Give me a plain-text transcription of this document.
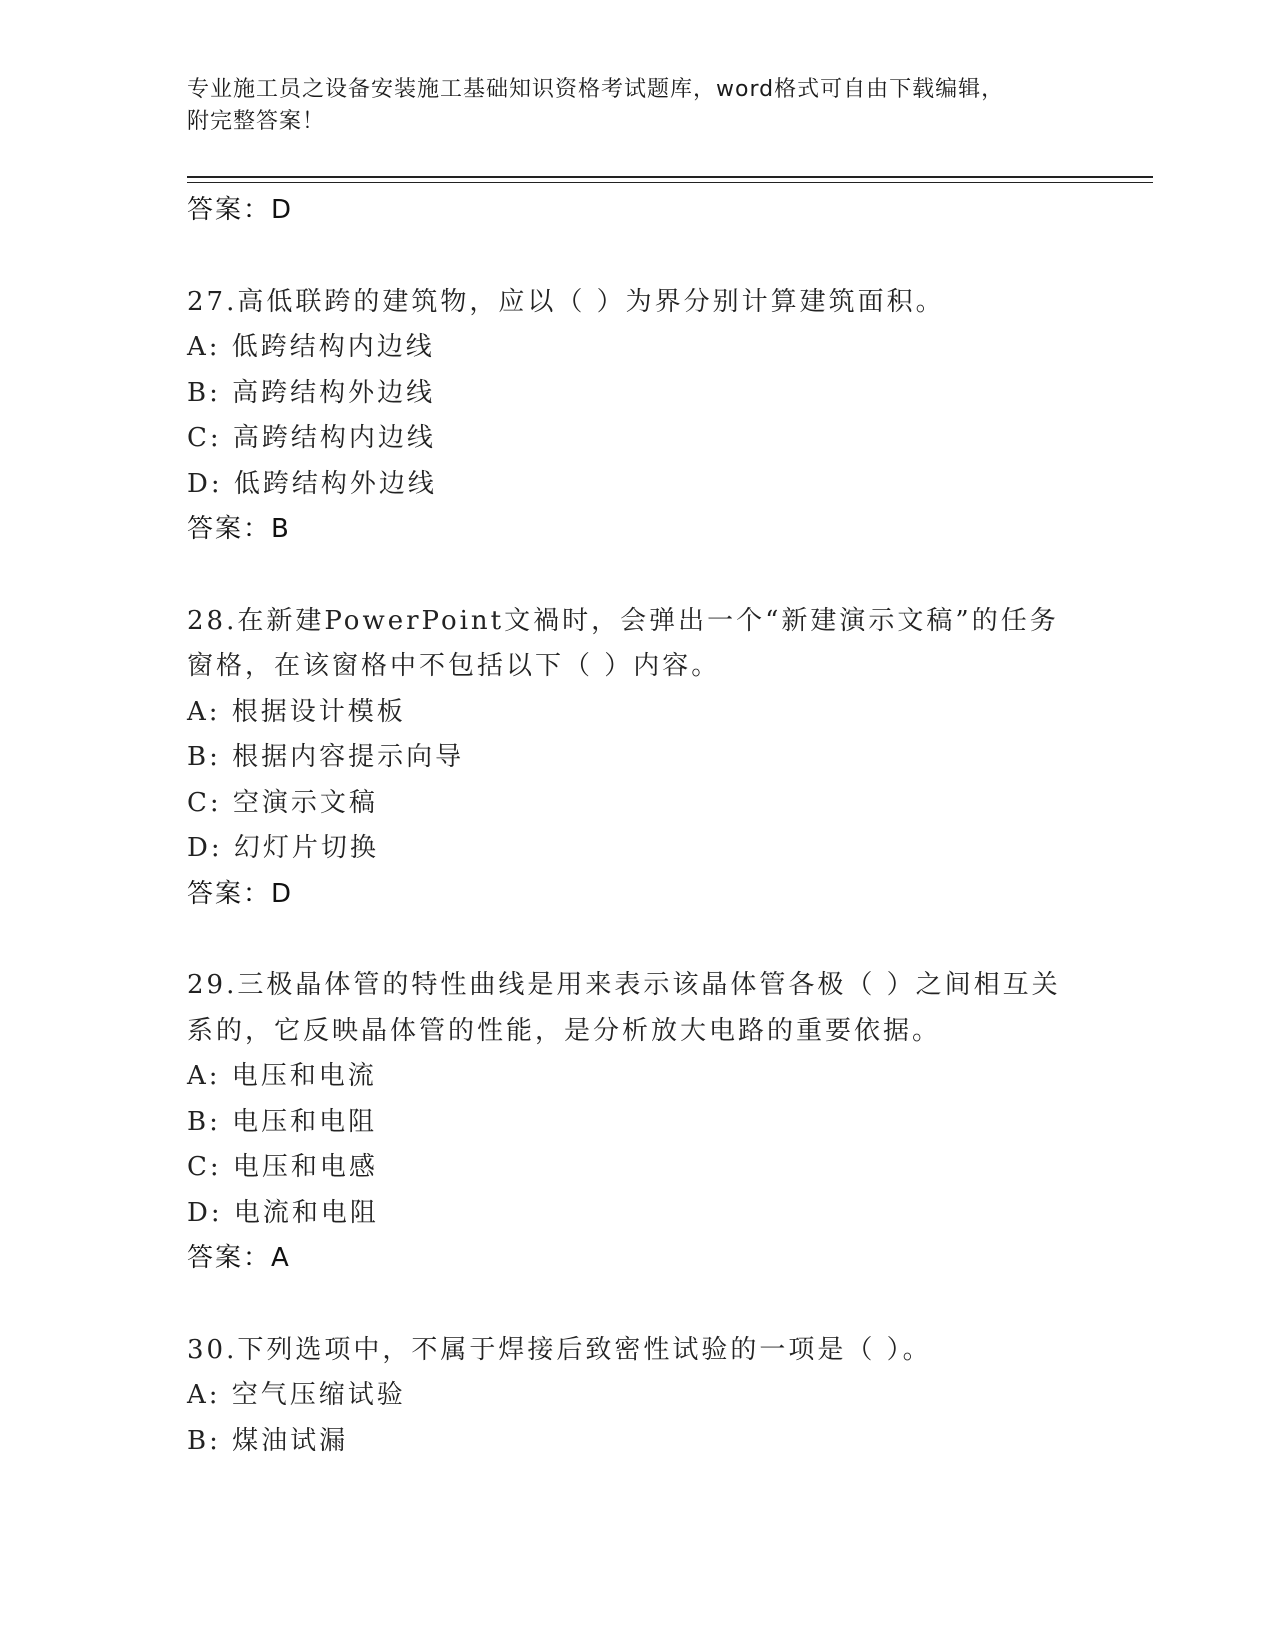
专业施工员之设备安装施工基础知识资格考试题库，word格式可自由下载编辑，
附完整答案！
答案：D
27.高低联跨的建筑物，应以（ ）为界分别计算建筑面积。
A: 低跨结构内边线
B: 高跨结构外边线
C: 高跨结构内边线
D: 低跨结构外边线
答案：B
28.在新建PowerPoint文禍时，会弹出一个“新建演示文稿”的任务
窗格，在该窗格中不包括以下（ ）内容。
A: 根据设计模板
B: 根据内容提示向导
C: 空演示文稿
D: 幻灯片切换
答案：D
29.三极晶体管的特性曲线是用来表示该晶体管各极（ ）之间相互关
系的，它反映晶体管的性能，是分析放大电路的重要依据。
A: 电压和电流
B: 电压和电阻
C: 电压和电感
D: 电流和电阻
答案：A
30.下列选项中，不属于焊接后致密性试验的一项是（ ）。
A: 空气压缩试验
B: 煤油试漏
